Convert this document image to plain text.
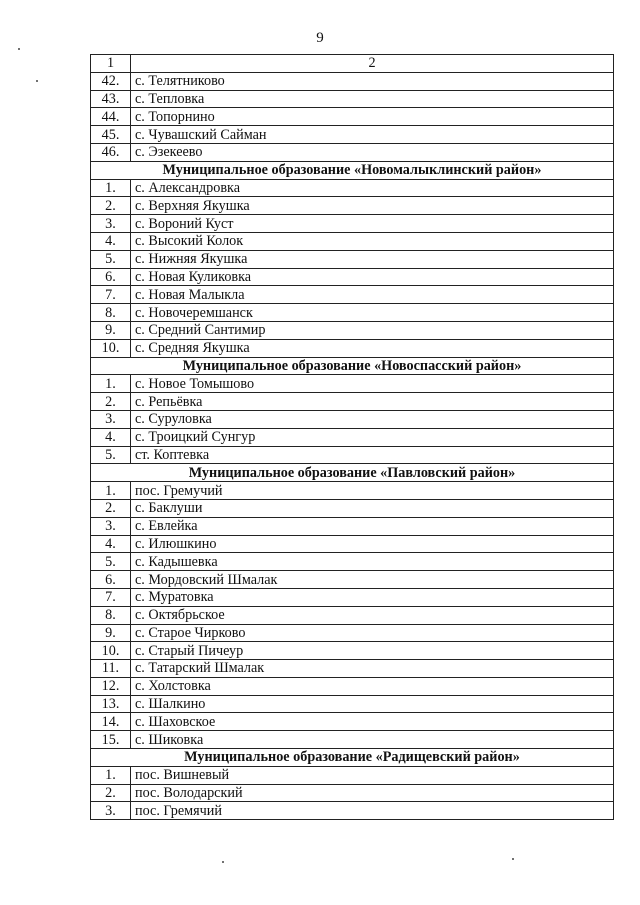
9
1	2
42.	с. Телятниково
43.	с. Тепловка
44.	с. Топорнино
45.	с. Чувашский Сайман
46.	с. Эзекеево
Муниципальное образование «Новомалыклинский район»	
1.	с. Александровка
2.	с. Верхняя Якушка
3.	с. Вороний Куст
4.	с. Высокий Колок
5.	с. Нижняя Якушка
6.	с. Новая Куликовка
7.	с. Новая Малыкла
8.	с. Новочеремшанск
9.	с. Средний Сантимир
10.	с. Средняя Якушка
Муниципальное образование «Новоспасский район»	
1.	с. Новое Томышово
2.	с. Репьёвка
3.	с. Суруловка
4.	с. Троицкий Сунгур
5.	ст. Коптевка
Муниципальное образование «Павловский район»	
1.	пос. Гремучий
2.	с. Баклуши
3.	с. Евлейка
4.	с. Илюшкино
5.	с. Кадышевка
6.	с. Мордовский Шмалак
7.	с. Муратовка
8.	с. Октябрьское
9.	с. Старое Чирково
10.	с. Старый Пичеур
11.	с. Татарский Шмалак
12.	с. Холстовка
13.	с. Шалкино
14.	с. Шаховское
15.	с. Шиковка
Муниципальное образование «Радищевский район»	
1.	пос. Вишневый
2.	пос. Володарский
3.	пос. Гремячий
